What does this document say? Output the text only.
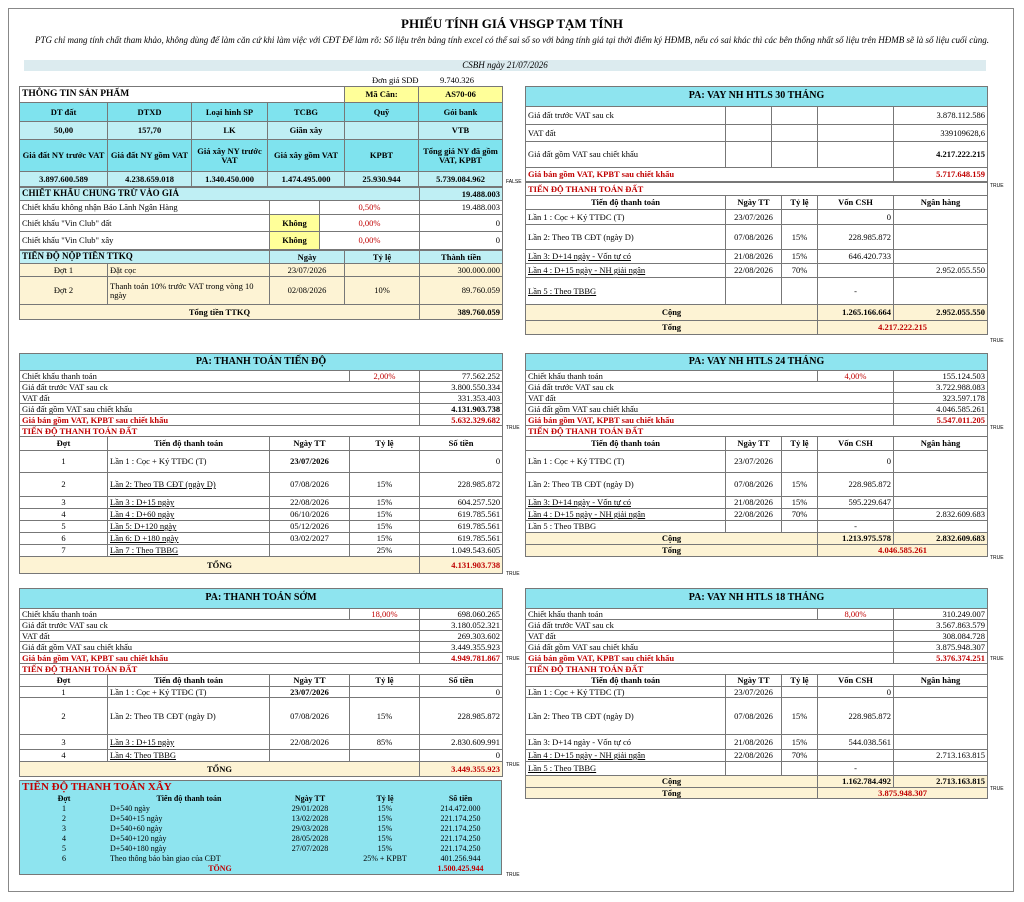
PHIẾU TÍNH GIÁ VHSGP TẠM TÍNH
PTG chỉ mang tính chất tham khảo, không dùng để làm căn cứ khi làm việc với CĐT Để làm rõ: Số liệu trên bảng tính excel có thể sai số so với bảng tính giá tại thời điểm ký HĐMB, nếu có sai khác thì các bên thống nhất số liệu trên HĐMB sẽ là số liệu cuối cùng.
CSBH ngày 21/07/2026
Đơn giá SDĐ	9.740.326
THÔNG TIN SẢN PHẨM				Mã Căn:	AS70-06
DT đất	DTXD	Loại hình SP	TCBG	Quỹ	Gói bank
50,00	157,70	LK	Giãn xây		VTB
Giá đất NY trước VAT	Giá đất NY gồm VAT	Giá xây NY trước VAT	Giá xây gồm VAT	KPBT	Tổng giá NY đã gồm VAT, KPBT
3.897.600.589	4.238.659.018	1.340.450.000	1.474.495.000	25.930.944	5.739.084.962
CHIẾT KHẤU CHUNG TRỪ VÀO GIÁ			19.488.003
Chiết khấu không nhận Bảo Lãnh Ngân Hàng		0,50%	19.488.003
Chiết khấu "Vin Club" đất	Không	0,00%	0
Chiết khấu "Vin Club" xây	Không	0,00%	0
TIẾN ĐỘ NỘP TIỀN TTKQ		Ngày	Tỷ lệ	Thành tiền
Đợt 1	Đặt cọc	23/07/2026		300.000.000
Đợt 2	Thanh toán 10% trước VAT trong vòng 10 ngày	02/08/2026	10%	89.760.059
Tổng tiền TTKQ				389.760.059
FALSE
PA: VAY NH HTLS 30 THÁNG				
Giá đất trước VAT sau ck				3.878.112.586
VAT đất				339109628,6
Giá đất gồm VAT sau chiết khấu				4.217.222.215
Giá bán gồm VAT, KPBT sau chiết khấu				5.717.648.159
TIẾN ĐỘ THANH TOÁN ĐẤT				
Tiến độ thanh toán	Ngày TT	Tỷ lệ	Vốn CSH	Ngân hàng
Lần 1 : Cọc + Ký TTĐC (T)	23/07/2026		0	
Lần 2: Theo TB CĐT (ngày D)	07/08/2026	15%	228.985.872	
Lần 3: D+14 ngày - Vốn tự có	21/08/2026	15%	646.420.733	
Lần 4 : D+15 ngày - NH giải ngân	22/08/2026	70%		2.952.055.550
Lần 5 : Theo TBBG			-	
Cộng			1.265.166.664	2.952.055.550
Tổng			4.217.222.215	
TRUE
TRUE
PA: THANH TOÁN TIẾN ĐỘ				
Chiết khấu thanh toán			2,00%	77.562.252
Giá đất trước VAT sau ck				3.800.550.334
VAT đất				331.353.403
Giá đất gồm VAT sau chiết khấu				4.131.903.738
Giá bán gồm VAT, KPBT sau chiết khấu				5.632.329.682
TIẾN ĐỘ THANH TOÁN ĐẤT				
Đợt	Tiến độ thanh toán	Ngày TT	Tỷ lệ	Số tiền
1	Lần 1 : Cọc + Ký TTĐC (T)	23/07/2026		0
2	Lần 2: Theo TB CĐT (ngày D)	07/08/2026	15%	228.985.872
3	Lần 3 : D+15 ngày	22/08/2026	15%	604.257.520
4	Lần 4 : D+60 ngày	06/10/2026	15%	619.785.561
5	Lần 5: D+120 ngày	05/12/2026	15%	619.785.561
6	Lần 6: D +180 ngày	03/02/2027	15%	619.785.561
7	Lần 7 : Theo TBBG		25%	1.049.543.605
TỔNG				4.131.903.738
TRUE
TRUE
PA: VAY NH HTLS 24 THÁNG				
Chiết khấu thanh toán			4,00%	155.124.503
Giá đất trước VAT sau ck				3.722.988.083
VAT đất				323.597.178
Giá đất gồm VAT sau chiết khấu				4.046.585.261
Giá bán gồm VAT, KPBT sau chiết khấu				5.547.011.205
TIẾN ĐỘ THANH TOÁN ĐẤT				
Tiến độ thanh toán	Ngày TT	Tỷ lệ	Vốn CSH	Ngân hàng
Lần 1 : Cọc + Ký TTĐC (T)	23/07/2026		0	
Lần 2: Theo TB CĐT (ngày D)	07/08/2026	15%	228.985.872	
Lần 3: D+14 ngày - Vốn tự có	21/08/2026	15%	595.229.647	
Lần 4 : D+15 ngày - NH giải ngân	22/08/2026	70%		2.832.609.683
Lần 5 : Theo TBBG			-	
Cộng			1.213.975.578	2.832.609.683
Tổng			4.046.585.261	
TRUE
TRUE
PA: THANH TOÁN SỚM				
Chiết khấu thanh toán			18,00%	698.060.265
Giá đất trước VAT sau ck				3.180.052.321
VAT đất				269.303.602
Giá đất gồm VAT sau chiết khấu				3.449.355.923
Giá bán gồm VAT, KPBT sau chiết khấu				4.949.781.867
TIẾN ĐỘ THANH TOÁN ĐẤT				
Đợt	Tiến độ thanh toán	Ngày TT	Tỷ lệ	Số tiền
1	Lần 1 : Cọc + Ký TTĐC (T)	23/07/2026		0
2	Lần 2: Theo TB CĐT (ngày D)	07/08/2026	15%	228.985.872
3	Lần 3 : D+15 ngày	22/08/2026	85%	2.830.609.991
4	Lần 4: Theo TBBG			0
TỔNG				3.449.355.923
TRUE
TRUE
PA: VAY NH HTLS 18 THÁNG				
Chiết khấu thanh toán			8,00%	310.249.007
Giá đất trước VAT sau ck				3.567.863.579
VAT đất				308.084.728
Giá đất gồm VAT sau chiết khấu				3.875.948.307
Giá bán gồm VAT, KPBT sau chiết khấu				5.376.374.251
TIẾN ĐỘ THANH TOÁN ĐẤT				
Tiến độ thanh toán	Ngày TT	Tỷ lệ	Vốn CSH	Ngân hàng
Lần 1 : Cọc + Ký TTĐC (T)	23/07/2026		0	
Lần 2: Theo TB CĐT (ngày D)	07/08/2026	15%	228.985.872	
Lần 3: D+14 ngày - Vốn tự có	21/08/2026	15%	544.038.561	
Lần 4 : D+15 ngày - NH giải ngân	22/08/2026	70%		2.713.163.815
Lần 5 : Theo TBBG			-	
Cộng			1.162.784.492	2.713.163.815
Tổng			3.875.948.307	
TRUE
TRUE
TIẾN ĐỘ THANH TOÁN XÂY				
Đợt	Tiến độ thanh toán	Ngày TT	Tỷ lệ	Số tiền
1	D+540 ngày	29/01/2028	15%	214.472.000
2	D+540+15 ngày	13/02/2028	15%	221.174.250
3	D+540+60 ngày	29/03/2028	15%	221.174.250
4	D+540+120 ngày	28/05/2028	15%	221.174.250
5	D+540+180 ngày	27/07/2028	15%	221.174.250
6	Theo thông báo bàn giao của CĐT		25% + KPBT	401.256.944
TỔNG				1.500.425.944
TRUE
